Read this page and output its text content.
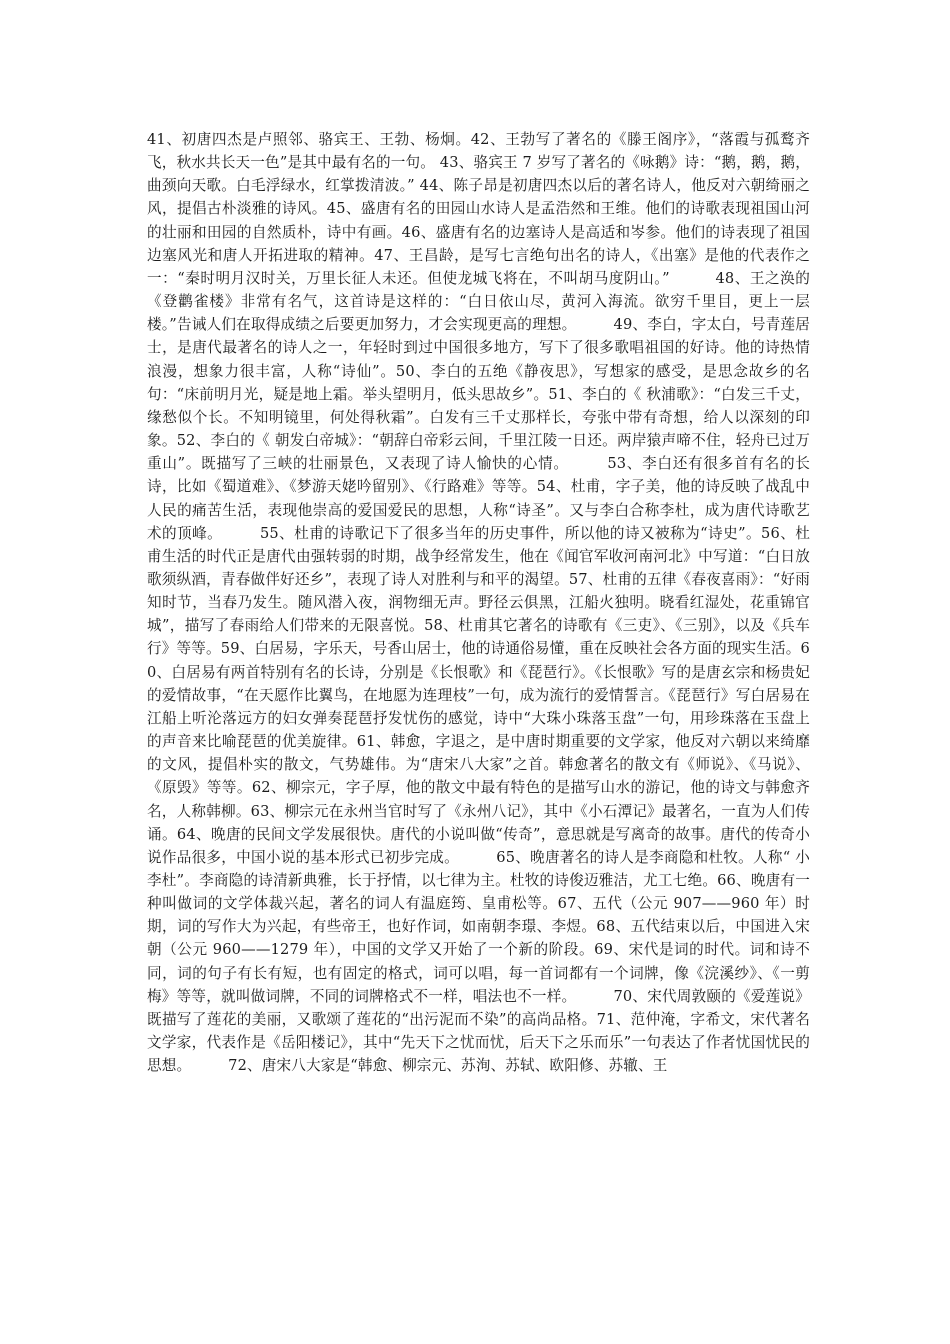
41、初唐四杰是卢照邻、骆宾王、王勃、杨炯。42、王勃写了著名的《滕王阁序》，“落霞与孤鹜齐飞，秋水共长天一色”是其中最有名的一句。 43、骆宾王 7 岁写了著名的《咏鹅》诗：“鹅，鹅，鹅，曲颈向天歌。白毛浮绿水，红掌拨清波。” 44、陈子昂是初唐四杰以后的著名诗人，他反对六朝绮丽之风，提倡古朴淡雅的诗风。45、盛唐有名的田园山水诗人是孟浩然和王维。他们的诗歌表现祖国山河的壮丽和田园的自然质朴，诗中有画。46、盛唐有名的边塞诗人是高适和岑参。他们的诗表现了祖国边塞风光和唐人开拓进取的精神。47、王昌龄，是写七言绝句出名的诗人，《出塞》是他的代表作之一：“秦时明月汉时关，万里长征人未还。但使龙城飞将在，不叫胡马度阴山。”　　　48、王之涣的《登鹳雀楼》非常有名气，这首诗是这样的：“白日依山尽，黄河入海流。欲穷千里目，更上一层楼。”告诫人们在取得成绩之后要更加努力，才会实现更高的理想。　　　49、李白，字太白，号青莲居士，是唐代最著名的诗人之一，年轻时到过中国很多地方，写下了很多歌唱祖国的好诗。他的诗热情浪漫，想象力很丰富，人称“诗仙”。50、李白的五绝《静夜思》，写想家的感受，是思念故乡的名句：“床前明月光，疑是地上霜。举头望明月，低头思故乡”。51、李白的《 秋浦歌》：“白发三千丈，缘愁似个长。不知明镜里，何处得秋霜”。白发有三千丈那样长，夸张中带有奇想，给人以深刻的印象。52、李白的《 朝发白帝城》：“朝辞白帝彩云间，千里江陵一日还。两岸猿声啼不住，轻舟已过万重山”。既描写了三峡的壮丽景色，又表现了诗人愉快的心情。　　　53、李白还有很多首有名的长诗，比如《蜀道难》、《梦游天姥吟留别》、《行路难》等等。54、杜甫，字子美，他的诗反映了战乱中人民的痛苦生活，表现他崇高的爱国爱民的思想，人称“诗圣”。又与李白合称李杜，成为唐代诗歌艺术的顶峰。　　　55、杜甫的诗歌记下了很多当年的历史事件，所以他的诗又被称为“诗史”。56、杜甫生活的时代正是唐代由强转弱的时期，战争经常发生，他在《闻官军收河南河北》中写道：“白日放歌须纵酒，青春做伴好还乡”，表现了诗人对胜利与和平的渴望。57、杜甫的五律《春夜喜雨》：“好雨知时节，当春乃发生。随风潜入夜，润物细无声。野径云俱黑，江船火独明。晓看红湿处，花重锦官城”，描写了春雨给人们带来的无限喜悦。58、杜甫其它著名的诗歌有《三吏》、《三别》，以及《兵车行》等等。59、白居易，字乐天，号香山居士，他的诗通俗易懂，重在反映社会各方面的现实生活。60、白居易有两首特别有名的长诗，分别是《长恨歌》和《琵琶行》。《长恨歌》写的是唐玄宗和杨贵妃的爱情故事，“在天愿作比翼鸟，在地愿为连理枝”一句，成为流行的爱情誓言。《琵琶行》写白居易在江船上听沦落远方的妇女弹奏琵琶抒发忧伤的感觉，诗中“大珠小珠落玉盘”一句，用珍珠落在玉盘上的声音来比喻琵琶的优美旋律。61、韩愈，字退之，是中唐时期重要的文学家，他反对六朝以来绮靡的文风，提倡朴实的散文，气势雄伟。为“唐宋八大家”之首。韩愈著名的散文有《师说》、《马说》、《原毁》等等。62、柳宗元，字子厚，他的散文中最有特色的是描写山水的游记，他的诗文与韩愈齐名，人称韩柳。63、柳宗元在永州当官时写了《永州八记》，其中《小石潭记》最著名，一直为人们传诵。64、晚唐的民间文学发展很快。唐代的小说叫做“传奇”，意思就是写离奇的故事。唐代的传奇小说作品很多，中国小说的基本形式已初步完成。　　　65、晚唐著名的诗人是李商隐和杜牧。人称“ 小李杜”。李商隐的诗清新典雅，长于抒情，以七律为主。杜牧的诗俊迈雅洁，尤工七绝。66、晚唐有一种叫做词的文学体裁兴起，著名的词人有温庭筠、皇甫松等。67、五代（公元 907——960 年）时期，词的写作大为兴起，有些帝王，也好作词，如南朝李璟、李煜。68、五代结束以后，中国进入宋朝（公元 960——1279 年），中国的文学又开始了一个新的阶段。69、宋代是词的时代。词和诗不同，词的句子有长有短，也有固定的格式，词可以唱，每一首词都有一个词牌，像《浣溪纱》、《一剪梅》等等，就叫做词牌，不同的词牌格式不一样，唱法也不一样。　　　70、宋代周敦颐的《爱莲说》既描写了莲花的美丽，又歌颂了莲花的“出污泥而不染”的高尚品格。71、范仲淹，字希文，宋代著名文学家，代表作是《岳阳楼记》，其中“先天下之忧而忧，后天下之乐而乐”一句表达了作者忧国忧民的思想。　　　72、唐宋八大家是“韩愈、柳宗元、苏洵、苏轼、欧阳修、苏辙、王
